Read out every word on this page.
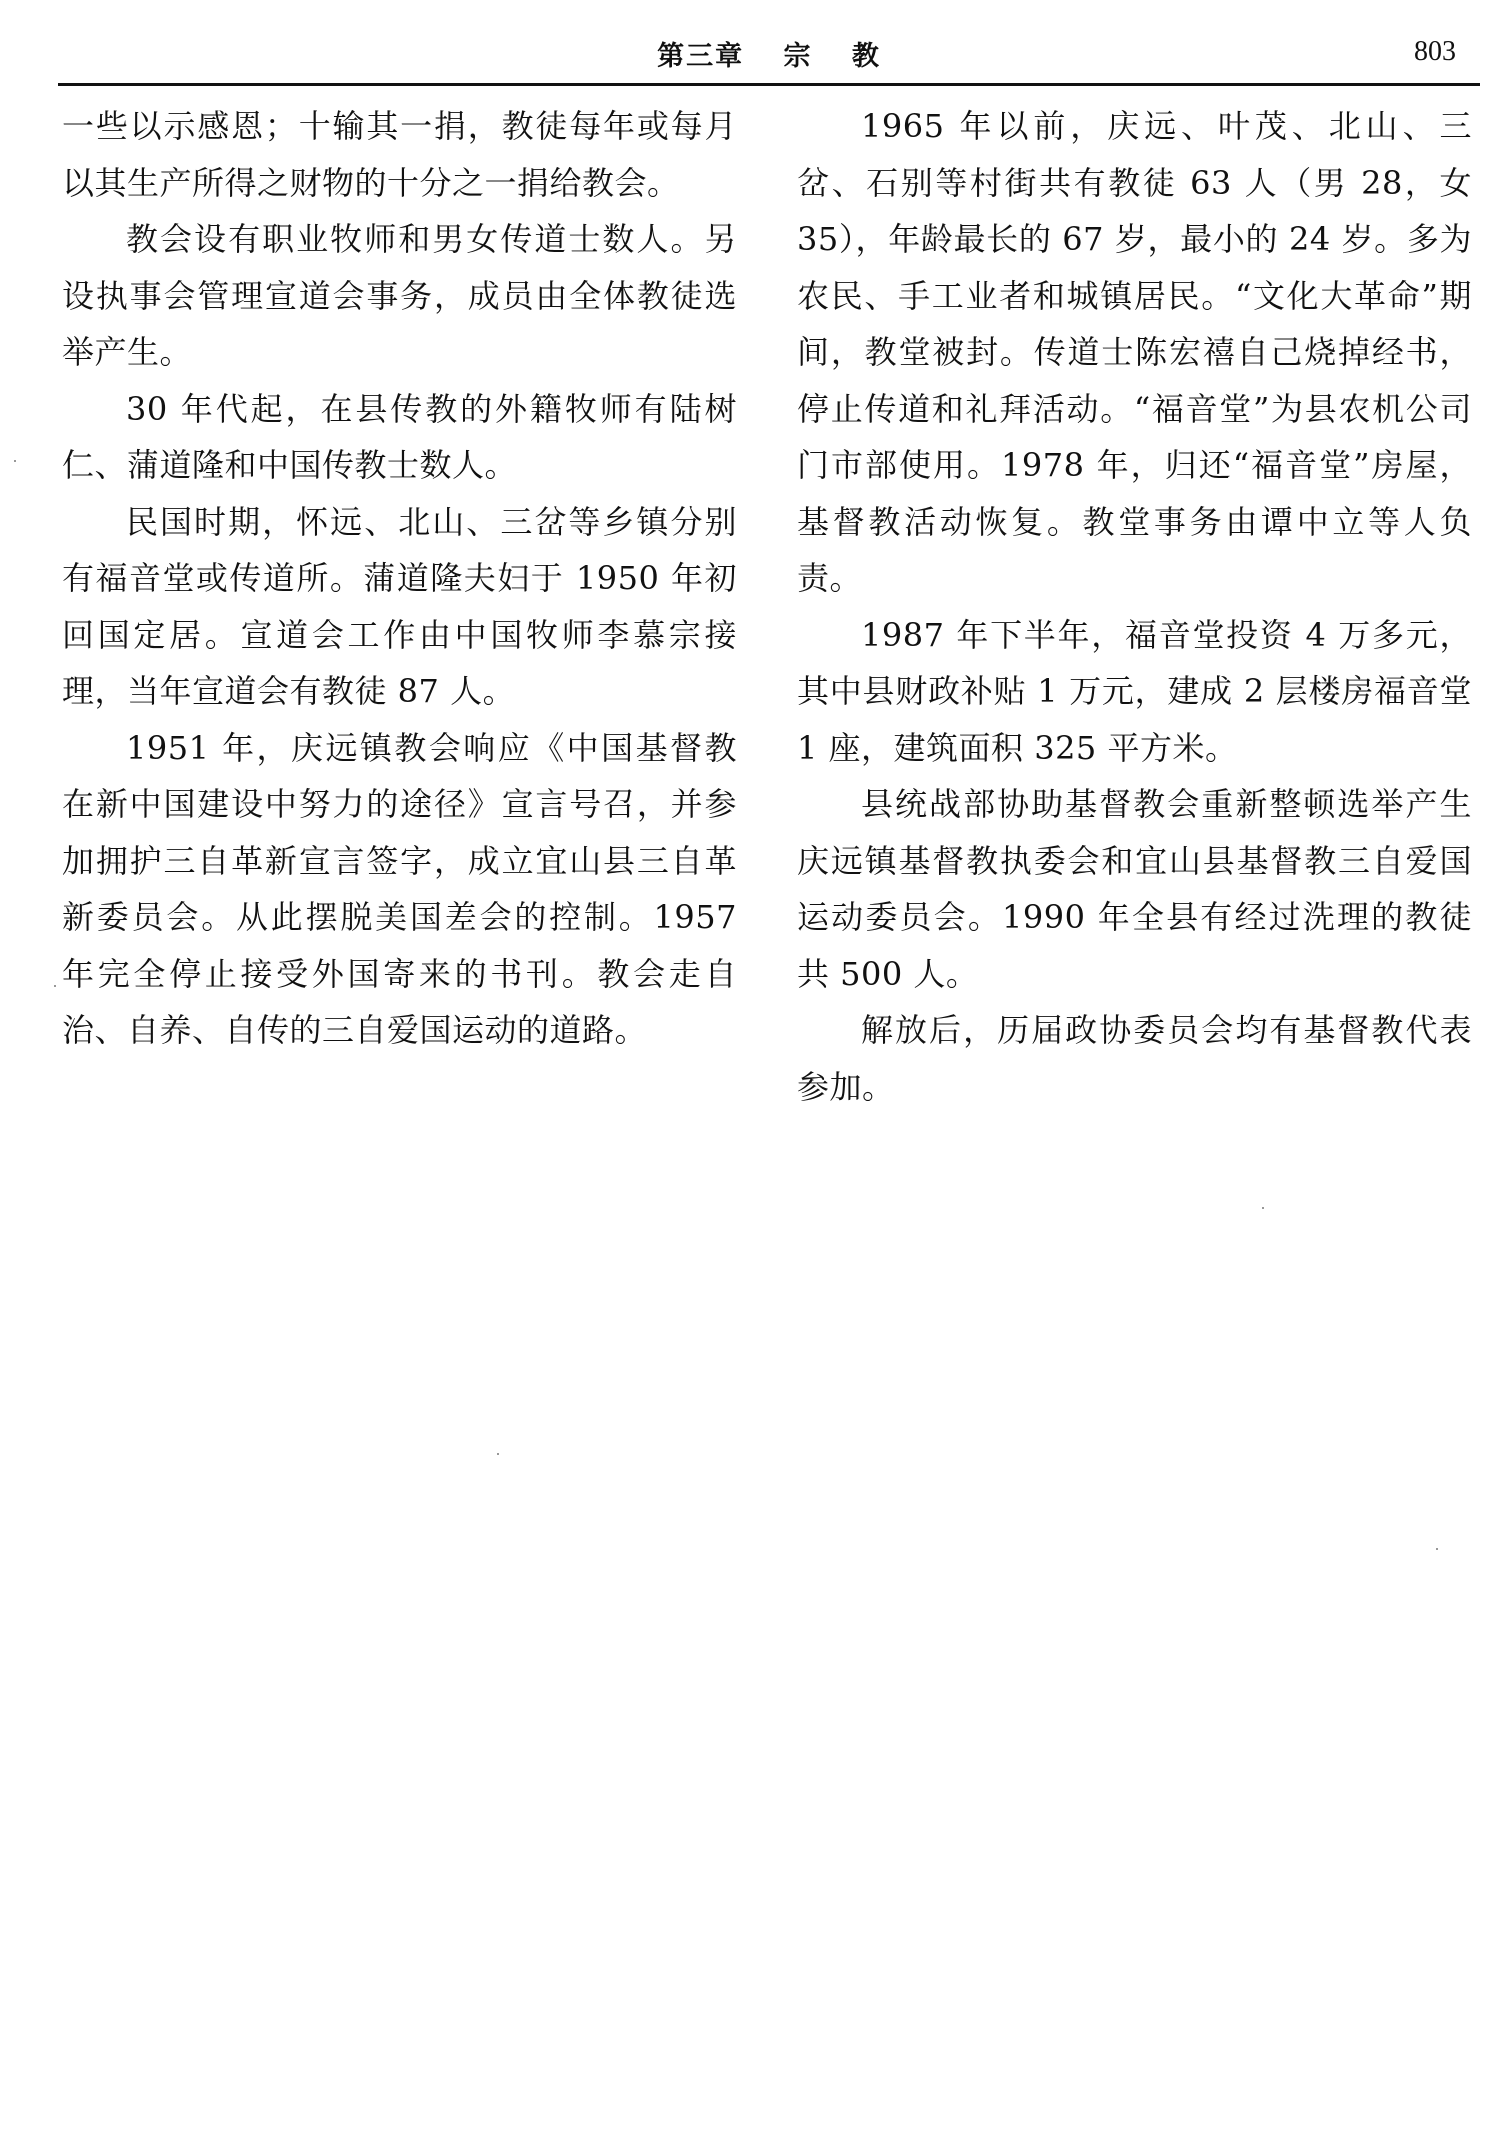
第三章 宗 教	803

一些以示感恩；十输其一捐，教徒每年或每月以其生产所得之财物的十分之一捐给教会。

教会设有职业牧师和男女传道士数人。另设执事会管理宣道会事务，成员由全体教徒选举产生。

30 年代起，在县传教的外籍牧师有陆树仁、蒲道隆和中国传教士数人。

民国时期，怀远、北山、三岔等乡镇分别有福音堂或传道所。蒲道隆夫妇于 1950 年初回国定居。宣道会工作由中国牧师李慕宗接理，当年宣道会有教徒 87 人。

1951 年，庆远镇教会响应《中国基督教在新中国建设中努力的途径》宣言号召，并参加拥护三自革新宣言签字，成立宜山县三自革新委员会。从此摆脱美国差会的控制。1957 年完全停止接受外国寄来的书刊。教会走自治、自养、自传的三自爱国运动的道路。

1965 年以前，庆远、叶茂、北山、三岔、石别等村街共有教徒 63 人（男 28，女 35），年龄最长的 67 岁，最小的 24 岁。多为农民、手工业者和城镇居民。“文化大革命”期间，教堂被封。传道士陈宏禧自己烧掉经书，停止传道和礼拜活动。“福音堂”为县农机公司门市部使用。1978 年，归还“福音堂”房屋，基督教活动恢复。教堂事务由谭中立等人负责。

1987 年下半年，福音堂投资 4 万多元，其中县财政补贴 1 万元，建成 2 层楼房福音堂 1 座，建筑面积 325 平方米。

县统战部协助基督教会重新整顿选举产生庆远镇基督教执委会和宜山县基督教三自爱国运动委员会。1990 年全县有经过洗理的教徒共 500 人。

解放后，历届政协委员会均有基督教代表参加。
